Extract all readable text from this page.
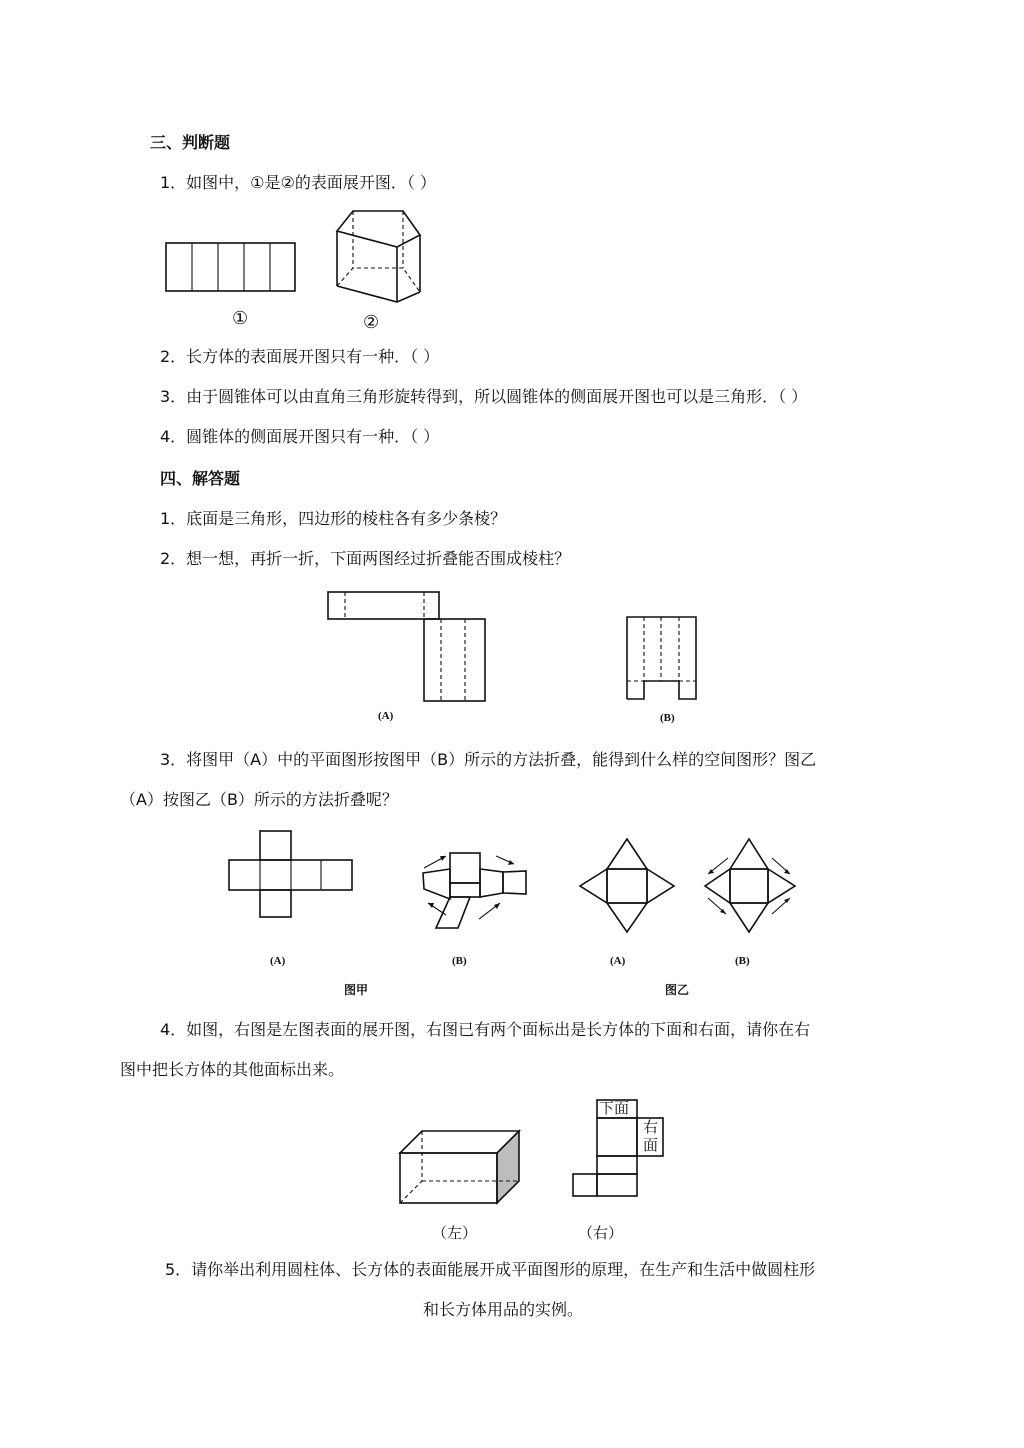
三、判断题
1．如图中，①是②的表面展开图．（ ）
①	②
2．长方体的表面展开图只有一种．（ ）
3．由于圆锥体可以由直角三角形旋转得到，所以圆锥体的侧面展开图也可以是三角形．（ ）
4．圆锥体的侧面展开图只有一种．（ ）
四、解答题
1．底面是三角形，四边形的棱柱各有多少条棱？
2．想一想，再折一折，下面两图经过折叠能否围成棱柱？
(A)	(B)
3．将图甲（A）中的平面图形按图甲（B）所示的方法折叠，能得到什么样的空间图形？图乙
（A）按图乙（B）所示的方法折叠呢？
(A)	(B)	(A)	(B)
图甲	图乙
4．如图，右图是左图表面的展开图，右图已有两个面标出是长方体的下面和右面，请你在右
图中把长方体的其他面标出来。
下面
右
面
（左）	（右）
5．请你举出利用圆柱体、长方体的表面能展开成平面图形的原理，在生产和生活中做圆柱形
和长方体用品的实例。
